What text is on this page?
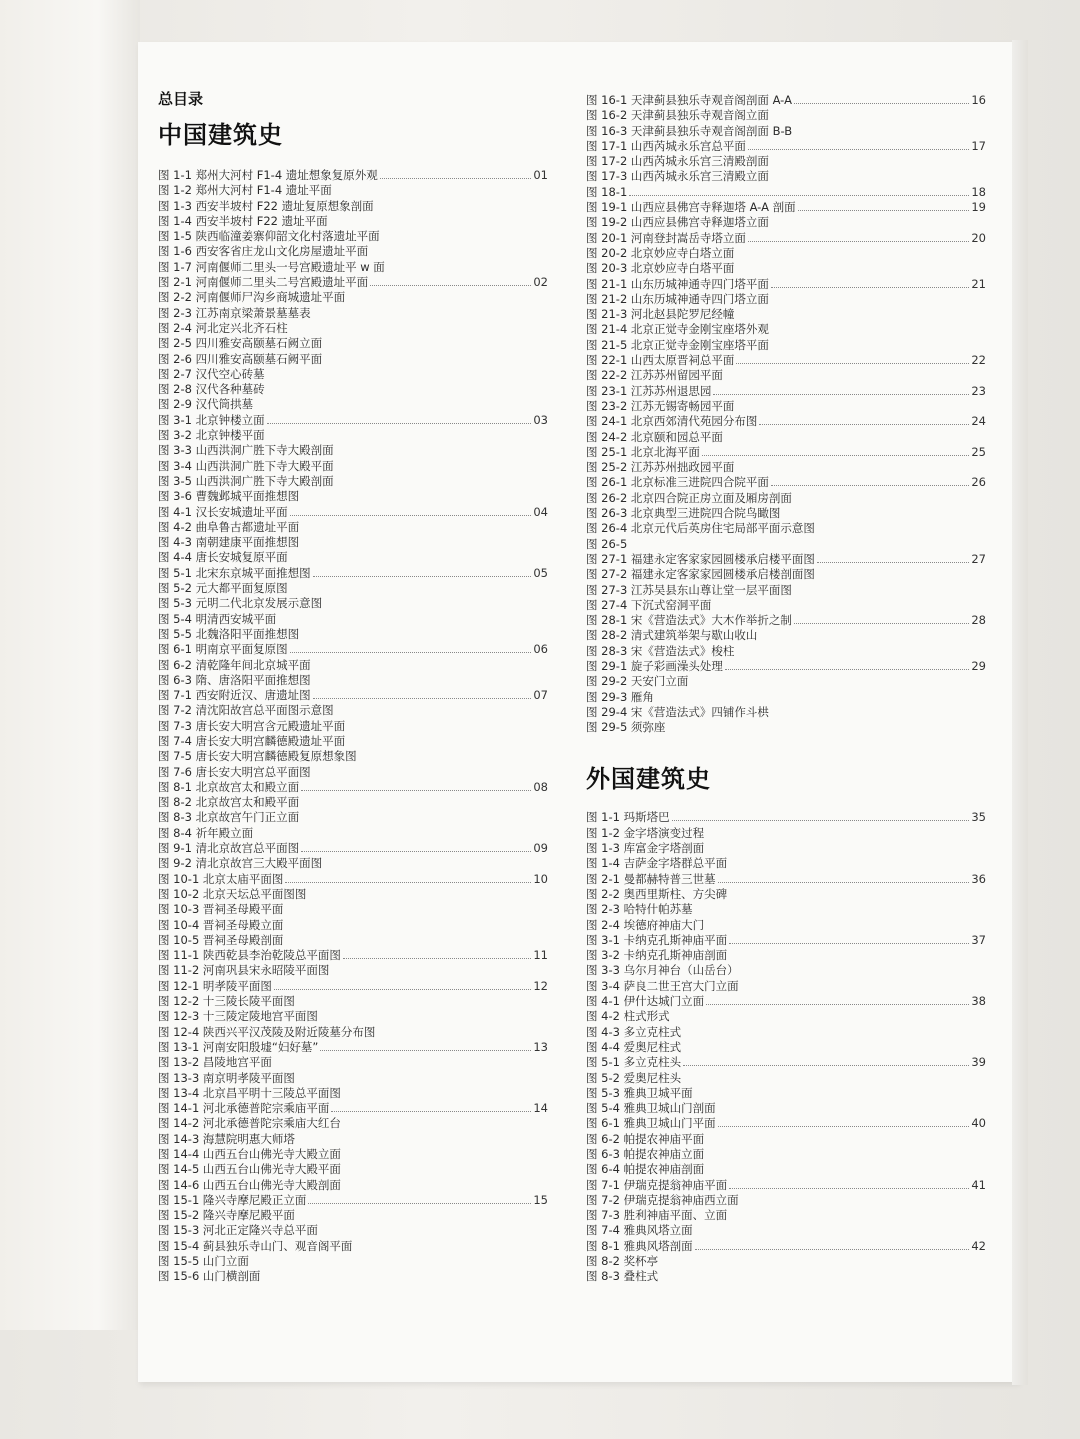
总目录
中国建筑史
图 1-1 郑州大河村 F1-4 遗址想象复原外观	01
图 1-2 郑州大河村 F1-4 遗址平面
图 1-3 西安半坡村 F22 遗址复原想象剖面
图 1-4 西安半坡村 F22 遗址平面
图 1-5 陕西临潼姜寨仰韶文化村落遗址平面
图 1-6 西安客省庄龙山文化房屋遗址平面
图 1-7 河南偃师二里头一号宫殿遗址平 w 面
图 2-1 河南偃师二里头二号宫殿遗址平面	02
图 2-2 河南偃师尸沟乡商城遗址平面
图 2-3 江苏南京梁萧景墓墓表
图 2-4 河北定兴北齐石柱
图 2-5 四川雅安高颐墓石阙立面
图 2-6 四川雅安高颐墓石阙平面
图 2-7 汉代空心砖墓
图 2-8 汉代各种墓砖
图 2-9 汉代筒拱墓
图 3-1 北京钟楼立面	03
图 3-2 北京钟楼平面
图 3-3 山西洪洞广胜下寺大殿剖面
图 3-4 山西洪洞广胜下寺大殿平面
图 3-5 山西洪洞广胜下寺大殿剖面
图 3-6 曹魏邺城平面推想图
图 4-1 汉长安城遗址平面	04
图 4-2 曲阜鲁古都遗址平面
图 4-3 南朝建康平面推想图
图 4-4 唐长安城复原平面
图 5-1 北宋东京城平面推想图	05
图 5-2 元大都平面复原图
图 5-3 元明二代北京发展示意图
图 5-4 明清西安城平面
图 5-5 北魏洛阳平面推想图
图 6-1 明南京平面复原图	06
图 6-2 清乾隆年间北京城平面
图 6-3 隋、唐洛阳平面推想图
图 7-1 西安附近汉、唐遗址图	07
图 7-2 清沈阳故宫总平面图示意图
图 7-3 唐长安大明宫含元殿遗址平面
图 7-4 唐长安大明宫麟德殿遗址平面
图 7-5 唐长安大明宫麟德殿复原想象图
图 7-6 唐长安大明宫总平面图
图 8-1 北京故宫太和殿立面	08
图 8-2 北京故宫太和殿平面
图 8-3 北京故宫午门正立面
图 8-4 祈年殿立面
图 9-1 清北京故宫总平面图	09
图 9-2 清北京故宫三大殿平面图
图 10-1 北京太庙平面图	10
图 10-2 北京天坛总平面图图
图 10-3 晋祠圣母殿平面
图 10-4 晋祠圣母殿立面
图 10-5 晋祠圣母殿剖面
图 11-1 陕西乾县李治乾陵总平面图	11
图 11-2 河南巩县宋永昭陵平面图
图 12-1 明孝陵平面图	12
图 12-2 十三陵长陵平面图
图 12-3 十三陵定陵地宫平面图
图 12-4 陕西兴平汉茂陵及附近陵墓分布图
图 13-1 河南安阳殷墟“妇好墓”	13
图 13-2 昌陵地宫平面
图 13-3 南京明孝陵平面图
图 13-4 北京昌平明十三陵总平面图
图 14-1 河北承德普陀宗乘庙平面	14
图 14-2 河北承德普陀宗乘庙大红台
图 14-3 海慧院明惠大师塔
图 14-4 山西五台山佛光寺大殿立面
图 14-5 山西五台山佛光寺大殿平面
图 14-6 山西五台山佛光寺大殿剖面
图 15-1 隆兴寺摩尼殿正立面	15
图 15-2 隆兴寺摩尼殿平面
图 15-3 河北正定隆兴寺总平面
图 15-4 蓟县独乐寺山门、观音阁平面
图 15-5 山门立面
图 15-6 山门横剖面
图 16-1 天津蓟县独乐寺观音阁剖面 A-A	16
图 16-2 天津蓟县独乐寺观音阁立面
图 16-3 天津蓟县独乐寺观音阁剖面 B-B
图 17-1 山西芮城永乐宫总平面	17
图 17-2 山西芮城永乐宫三清殿剖面
图 17-3 山西芮城永乐宫三清殿立面
图 18-1	18
图 19-1 山西应县佛宫寺释迦塔 A-A 剖面	19
图 19-2 山西应县佛宫寺释迦塔立面
图 20-1 河南登封嵩岳寺塔立面	20
图 20-2 北京妙应寺白塔立面
图 20-3 北京妙应寺白塔平面
图 21-1 山东历城神通寺四门塔平面	21
图 21-2 山东历城神通寺四门塔立面
图 21-3 河北赵县陀罗尼经幢
图 21-4 北京正觉寺金刚宝座塔外观
图 21-5 北京正觉寺金刚宝座塔平面
图 22-1 山西太原晋祠总平面	22
图 22-2 江苏苏州留园平面
图 23-1 江苏苏州退思园	23
图 23-2 江苏无锡寄畅园平面
图 24-1 北京西郊清代苑园分布图	24
图 24-2 北京颐和园总平面
图 25-1 北京北海平面	25
图 25-2 江苏苏州拙政园平面
图 26-1 北京标准三进院四合院平面	26
图 26-2 北京四合院正房立面及厢房剖面
图 26-3 北京典型三进院四合院鸟瞰图
图 26-4 北京元代后英房住宅局部平面示意图
图 26-5
图 27-1 福建永定客家家园圆楼承启楼平面图	27
图 27-2 福建永定客家家园圆楼承启楼剖面图
图 27-3 江苏吴县东山尊让堂一层平面图
图 27-4 下沉式窑洞平面
图 28-1 宋《营造法式》大木作举折之制	28
图 28-2 清式建筑举架与歇山收山
图 28-3 宋《营造法式》梭柱
图 29-1 旋子彩画澡头处理	29
图 29-2 天安门立面
图 29-3 雁角
图 29-4 宋《营造法式》四铺作斗栱
图 29-5 须弥座
外国建筑史
图 1-1 玛斯塔巴	35
图 1-2 金字塔演变过程
图 1-3 库富金字塔剖面
图 1-4 吉萨金字塔群总平面
图 2-1 曼都赫特普三世墓	36
图 2-2 奥西里斯柱、方尖碑
图 2-3 哈特什帕苏墓
图 2-4 埃德府神庙大门
图 3-1 卡纳克孔斯神庙平面	37
图 3-2 卡纳克孔斯神庙剖面
图 3-3 乌尔月神台（山岳台）
图 3-4 萨良二世王宫大门立面
图 4-1 伊什达城门立面	38
图 4-2 柱式形式
图 4-3 多立克柱式
图 4-4 爱奥尼柱式
图 5-1 多立克柱头	39
图 5-2 爱奥尼柱头
图 5-3 雅典卫城平面
图 5-4 雅典卫城山门剖面
图 6-1 雅典卫城山门平面	40
图 6-2 帕提农神庙平面
图 6-3 帕提农神庙立面
图 6-4 帕提农神庙剖面
图 7-1 伊瑞克提翁神庙平面	41
图 7-2 伊瑞克提翁神庙西立面
图 7-3 胜利神庙平面、立面
图 7-4 雅典风塔立面
图 8-1 雅典风塔剖面	42
图 8-2 奖杯亭
图 8-3 叠柱式
